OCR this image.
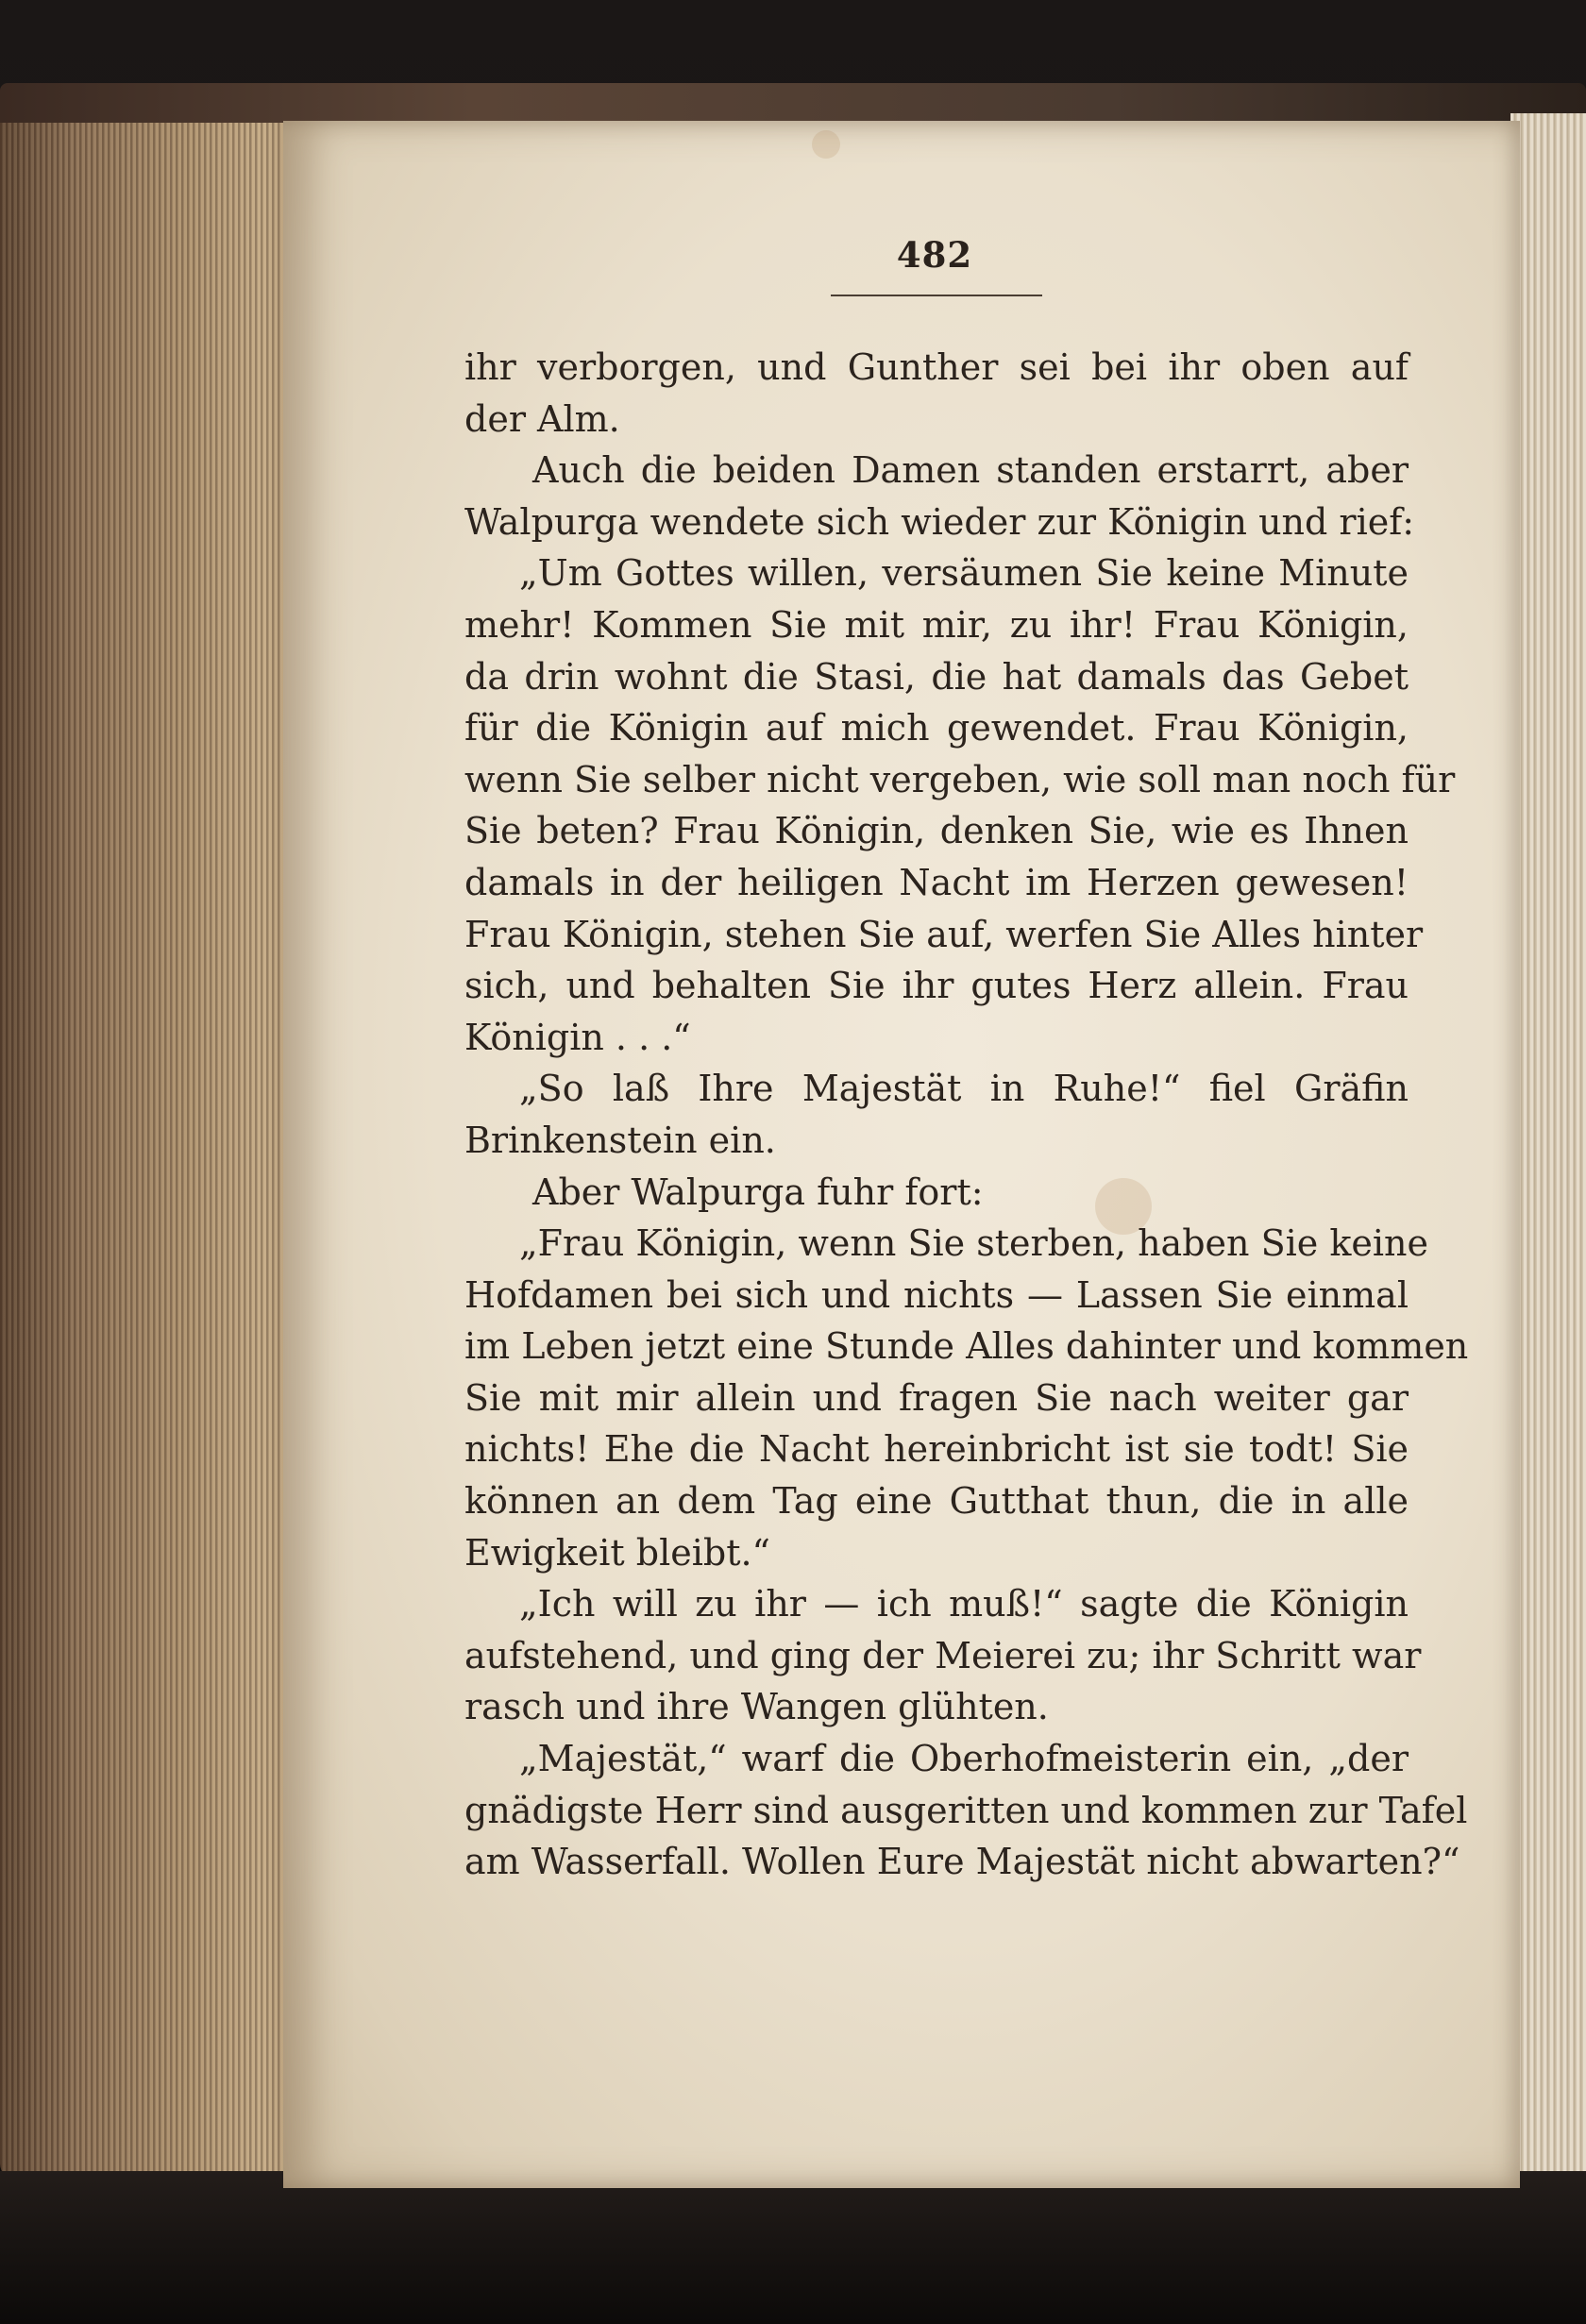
482
ihr verborgen, und Gunther sei bei ihr oben auf
der Alm.
Auch die beiden Damen standen erstarrt, aber
Walpurga wendete sich wieder zur Königin und rief:
„Um Gottes willen, versäumen Sie keine Minute
mehr! Kommen Sie mit mir, zu ihr! Frau Königin,
da drin wohnt die Stasi, die hat damals das Gebet
für die Königin auf mich gewendet. Frau Königin,
wenn Sie selber nicht vergeben, wie soll man noch für
Sie beten? Frau Königin, denken Sie, wie es Ihnen
damals in der heiligen Nacht im Herzen gewesen!
Frau Königin, stehen Sie auf, werfen Sie Alles hinter
sich, und behalten Sie ihr gutes Herz allein. Frau
Königin . . .“
„So laß Ihre Majestät in Ruhe!“ fiel Gräfin
Brinkenstein ein.
Aber Walpurga fuhr fort:
„Frau Königin, wenn Sie sterben, haben Sie keine
Hofdamen bei sich und nichts — Lassen Sie einmal
im Leben jetzt eine Stunde Alles dahinter und kommen
Sie mit mir allein und fragen Sie nach weiter gar
nichts! Ehe die Nacht hereinbricht ist sie todt! Sie
können an dem Tag eine Gutthat thun, die in alle
Ewigkeit bleibt.“
„Ich will zu ihr — ich muß!“ sagte die Königin
aufstehend, und ging der Meierei zu; ihr Schritt war
rasch und ihre Wangen glühten.
„Majestät,“ warf die Oberhofmeisterin ein, „der
gnädigste Herr sind ausgeritten und kommen zur Tafel
am Wasserfall. Wollen Eure Majestät nicht abwarten?“
